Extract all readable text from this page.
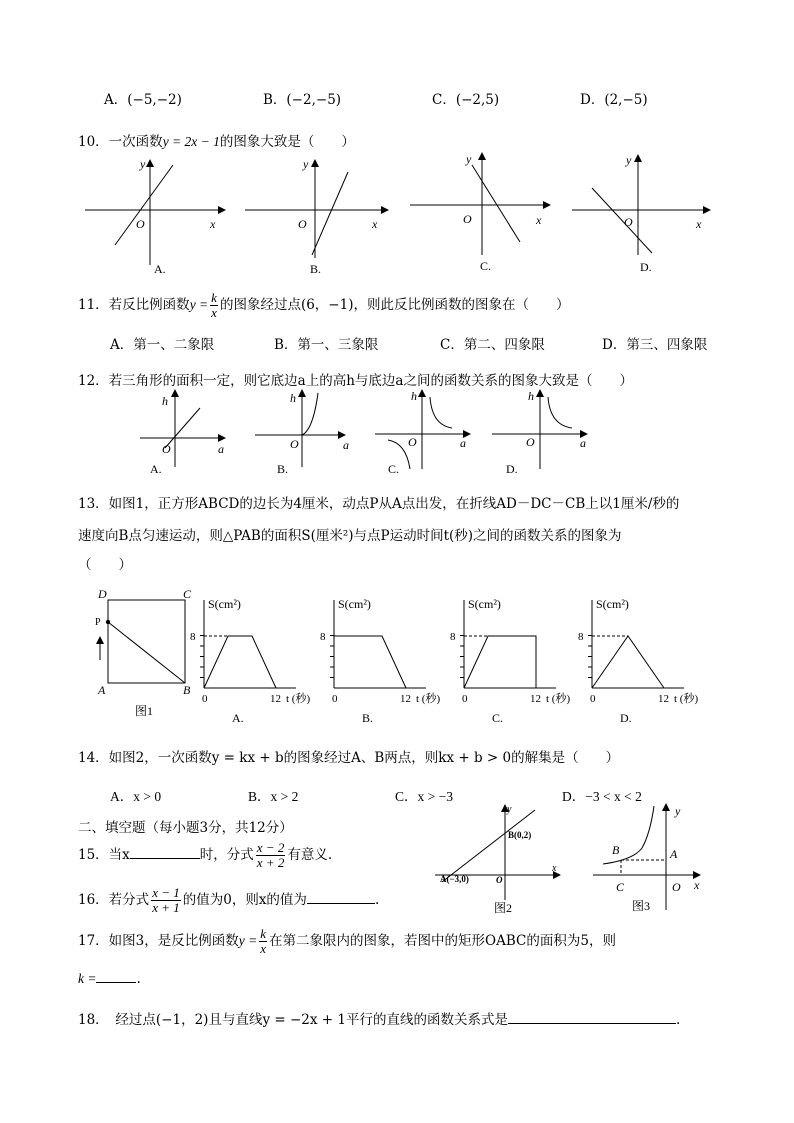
A．(−5,−2)	B．(−2,−5)	C．(−2,5)	D．(2,−5)
10．一次函数y = 2x − 1的图象大致是（　　）
y
x
O
A.
y
x
O
B.
y
x
O
C.
y
x
O
D.
11．若反比例函数$y = \frac{k}{x}$ 的图象经过点(6，−1)，则此反比例函数的图象在（　　）
A．第一、二象限	B．第一、三象限	C．第二、四象限	D．第三、四象限
12．若三角形的面积一定，则它底边a上的高h与底边a之间的函数关系的图象大致是（　　）
h
a
O
A.
h
a
O
B.
h
a
O
C.
h
a
O
D.
13．如图1，正方形ABCD的边长为4厘米，动点P从A点出发，在折线AD－DC－CB上以1厘米/秒的
速度向B点匀速运动，则△PAB的面积S(厘米²)与点P运动时间t(秒)之间的函数关系的图象为
（　　）
D	C
A	B
P
图1
S(cm²)
8
0	12 t (秒)
A.
S(cm²)
8
0	12 t (秒)
B.
S(cm²)
8
0	12 t (秒)
C.
S(cm²)
8
0	12 t (秒)
D.
14．如图2，一次函数y = kx + b的图象经过A、B两点，则kx + b > 0的解集是（　　）
A．x > 0	B．x > 2	C．x > −3	D．−3 < x < 2
二、填空题（每小题3分，共12分）
15．当x	时，分式 $\frac{x - 2}{x + 2}$ 有意义.
16．若分式 $\frac{x - 1}{x + 1}$ 的值为0，则x的值为	.
y
x
O
B(0,2)
A(−3,0)
图2
y
x
O
A
B
C
图3
17．如图3，是反比例函数$y = \frac{k}{x}$ 在第二象限内的图象，若图中的矩形OABC的面积为5，则
k =	.
18．　经过点(−1，2)且与直线y = −2x + 1平行的直线的函数关系式是	.
